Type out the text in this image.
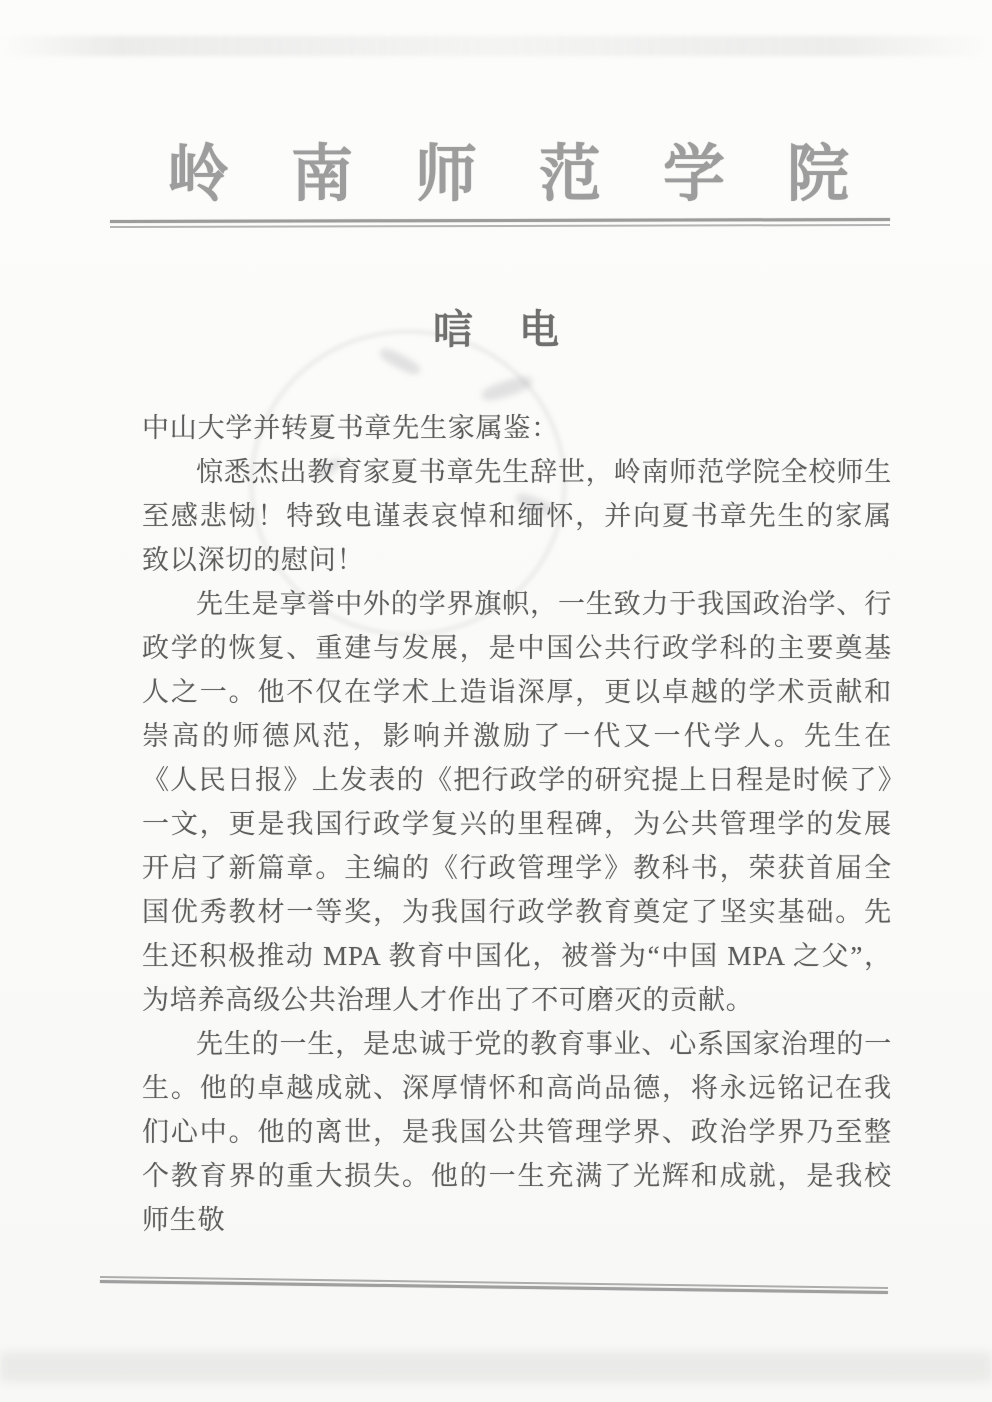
岭南师范学院
唁电

中山大学并转夏书章先生家属鉴：

惊悉杰出教育家夏书章先生辞世，岭南师范学院全校师生至感悲恸！特致电谨表哀悼和缅怀，并向夏书章先生的家属致以深切的慰问！

先生是享誉中外的学界旗帜，一生致力于我国政治学、行政学的恢复、重建与发展，是中国公共行政学科的主要奠基人之一。他不仅在学术上造诣深厚，更以卓越的学术贡献和崇高的师德风范，影响并激励了一代又一代学人。先生在《人民日报》上发表的《把行政学的研究提上日程是时候了》一文，更是我国行政学复兴的里程碑，为公共管理学的发展开启了新篇章。主编的《行政管理学》教科书，荣获首届全国优秀教材一等奖，为我国行政学教育奠定了坚实基础。先生还积极推动 MPA 教育中国化，被誉为“中国 MPA 之父”，为培养高级公共治理人才作出了不可磨灭的贡献。

先生的一生，是忠诚于党的教育事业、心系国家治理的一生。他的卓越成就、深厚情怀和高尚品德，将永远铭记在我们心中。他的离世，是我国公共管理学界、政治学界乃至整个教育界的重大损失。他的一生充满了光辉和成就，是我校师生敬
